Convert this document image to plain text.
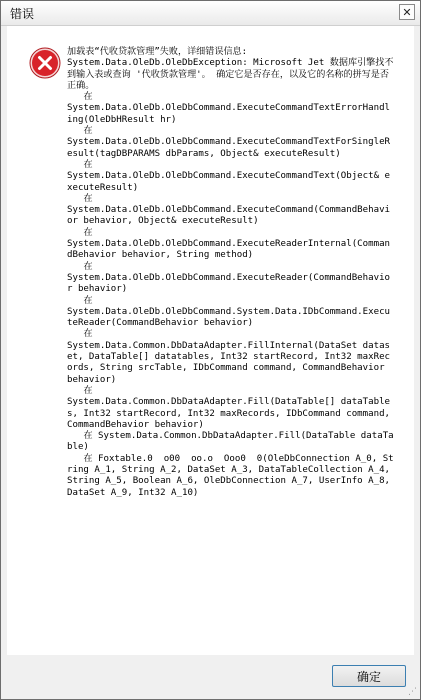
错误	✕
加载表“代收贷款管理”失败，详细错误信息:
System.Data.OleDb.OleDbException: Microsoft Jet 数据库引擎找不到输入表或查询 '代收货款管理'。 确定它是否存在，以及它的名称的拼写是否正确。
在
System.Data.OleDb.OleDbCommand.ExecuteCommandTextErrorHandling(OleDbHResult hr)
在
System.Data.OleDb.OleDbCommand.ExecuteCommandTextForSingleResult(tagDBPARAMS dbParams, Object& executeResult)
在
System.Data.OleDb.OleDbCommand.ExecuteCommandText(Object& executeResult)
在
System.Data.OleDb.OleDbCommand.ExecuteCommand(CommandBehavior behavior, Object& executeResult)
在
System.Data.OleDb.OleDbCommand.ExecuteReaderInternal(CommandBehavior behavior, String method)
在
System.Data.OleDb.OleDbCommand.ExecuteReader(CommandBehavior behavior)
在
System.Data.OleDb.OleDbCommand.System.Data.IDbCommand.ExecuteReader(CommandBehavior behavior)
在
System.Data.Common.DbDataAdapter.FillInternal(DataSet dataset, DataTable[] datatables, Int32 startRecord, Int32 maxRecords, String srcTable, IDbCommand command, CommandBehavior behavior)
在
System.Data.Common.DbDataAdapter.Fill(DataTable[] dataTables, Int32 startRecord, Int32 maxRecords, IDbCommand command, CommandBehavior behavior)
在 System.Data.Common.DbDataAdapter.Fill(DataTable dataTable)
在 Foxtable.0  o00  oo.o  Ooo0  0(OleDbConnection A_0, String A_1, String A_2, DataSet A_3, DataTableCollection A_4, String A_5, Boolean A_6, OleDbConnection A_7, UserInfo A_8, DataSet A_9, Int32 A_10)
确定
⋰
